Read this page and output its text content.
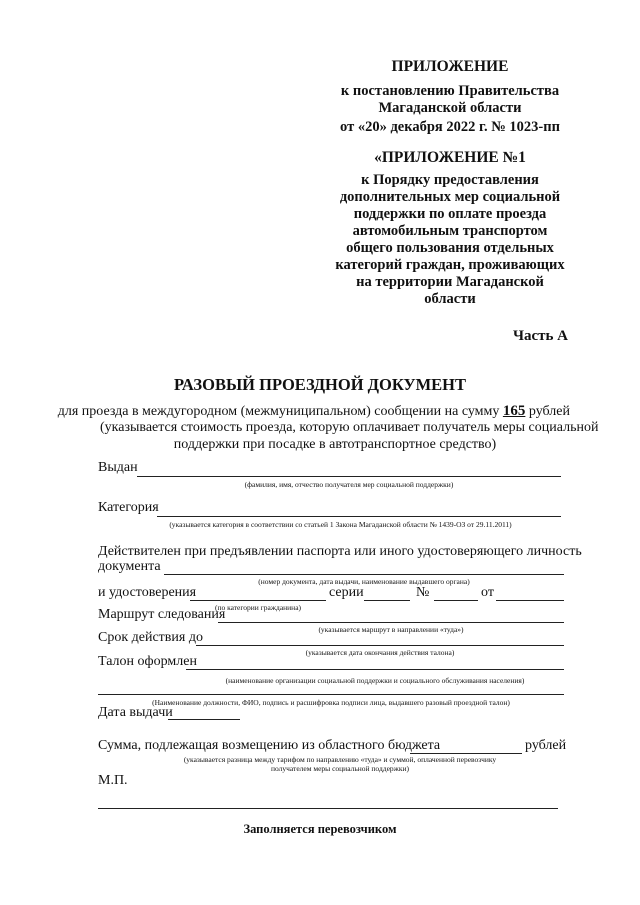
ПРИЛОЖЕНИЕ
к постановлению Правительства
Магаданской области
от «20» декабря 2022 г. № 1023-пп
«ПРИЛОЖЕНИЕ №1
к Порядку предоставления
дополнительных мер социальной
поддержки по оплате проезда
автомобильным транспортом
общего пользования отдельных
категорий граждан, проживающих
на территории Магаданской
области
Часть А
РАЗОВЫЙ ПРОЕЗДНОЙ ДОКУМЕНТ
для проезда в междугородном (межмуниципальном) сообщении на сумму 165 рублей
(указывается стоимость проезда, которую оплачивает получатель меры социальной
поддержки при посадке в автотранспортное средство)
Выдан
(фамилия, имя, отчество получателя мер социальной поддержки)
Категория
(указывается категория в соответствии со статьей 1 Закона Магаданской области № 1439-ОЗ от 29.11.2011)
Действителен при предъявлении паспорта или иного удостоверяющего личность
документа
(номер документа, дата выдачи, наименование выдавшего органа)
и удостоверения	серии	№	от
(по категории гражданина)
Маршрут следования
(указывается маршрут в направлении «туда»)
Срок действия до
(указывается дата окончания действия талона)
Талон оформлен
(наименование организации социальной поддержки и социального обслуживания населения)
(Наименование должности, ФИО, подпись и расшифровка подписи лица, выдавшего разовый проездной талон)
Дата выдачи
Сумма, подлежащая возмещению из областного бюджета	рублей
(указывается разница между тарифом по направлению «туда» и суммой, оплаченной перевозчику
получателем меры социальной поддержки)
М.П.
Заполняется перевозчиком
